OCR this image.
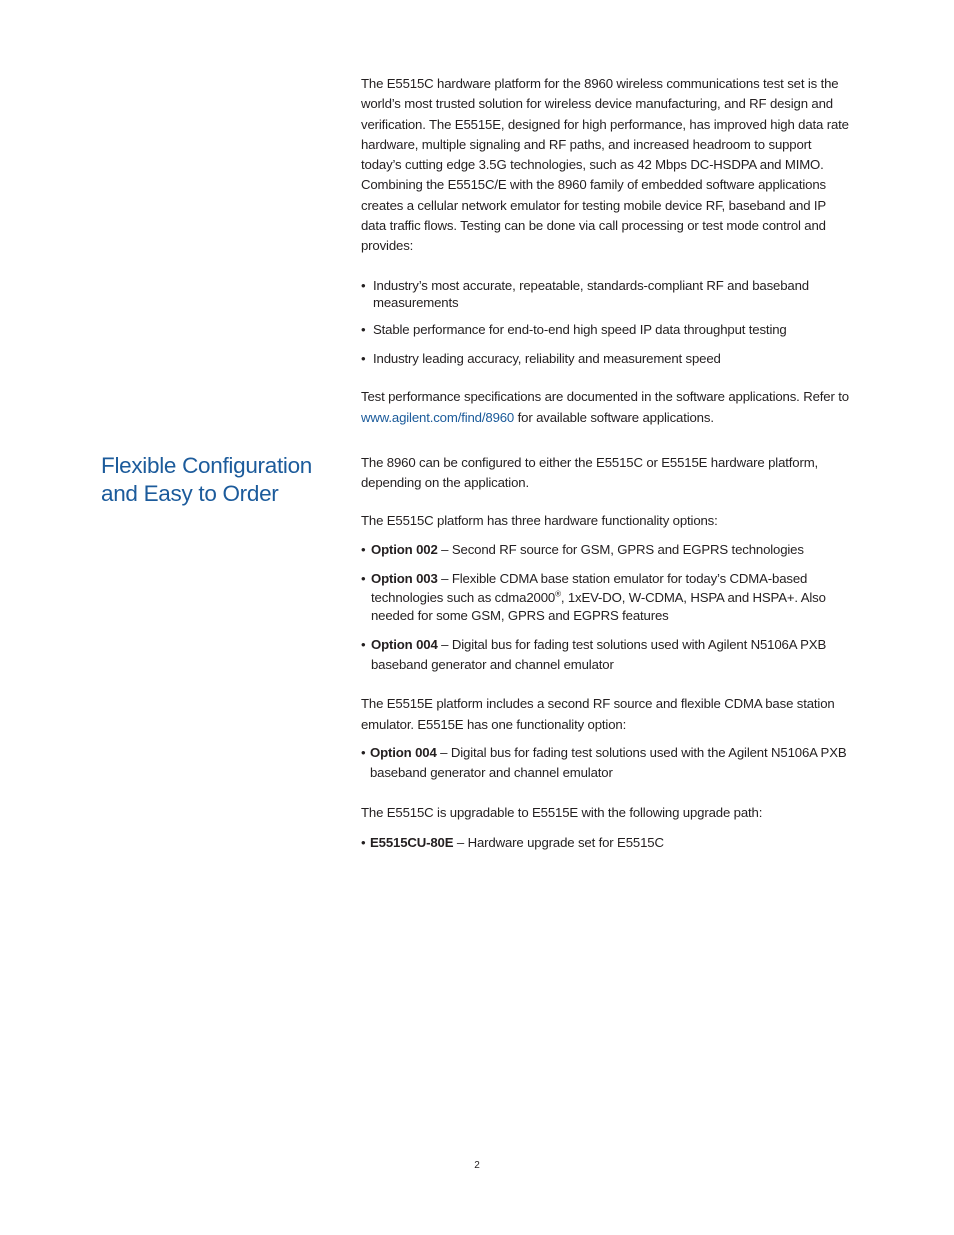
The E5515C hardware platform for the 8960 wireless communications test set is the world’s most trusted solution for wireless device manufacturing, and RF design and verification. The E5515E, designed for high performance, has improved high data rate hardware, multiple signaling and RF paths, and increased headroom to support today’s cutting edge 3.5G technologies, such as 42 Mbps DC-HSDPA and MIMO. Combining the E5515C/E with the 8960 family of embedded software applications creates a cellular network emulator for testing mobile device RF, baseband and IP data traffic flows. Testing can be done via call processing or test mode control and provides:

• Industry’s most accurate, repeatable, standards-compliant RF and baseband measurements

• Stable performance for end-to-end high speed IP data throughput testing

• Industry leading accuracy, reliability and measurement speed

Test performance specifications are documented in the software applications. Refer to www.agilent.com/find/8960 for available software applications.

Flexible Configuration and Easy to Order

The 8960 can be configured to either the E5515C or E5515E hardware platform, depending on the application.

The E5515C platform has three hardware functionality options:

• Option 002 – Second RF source for GSM, GPRS and EGPRS technologies

• Option 003 – Flexible CDMA base station emulator for today’s CDMA-based technologies such as cdma2000®, 1xEV-DO, W-CDMA, HSPA and HSPA+. Also needed for some GSM, GPRS and EGPRS features

• Option 004 – Digital bus for fading test solutions used with Agilent N5106A PXB baseband generator and channel emulator

The E5515E platform includes a second RF source and flexible CDMA base station emulator. E5515E has one functionality option:

• Option 004 – Digital bus for fading test solutions used with the Agilent N5106A PXB baseband generator and channel emulator

The E5515C is upgradable to E5515E with the following upgrade path:

• E5515CU-80E – Hardware upgrade set for E5515C

2
